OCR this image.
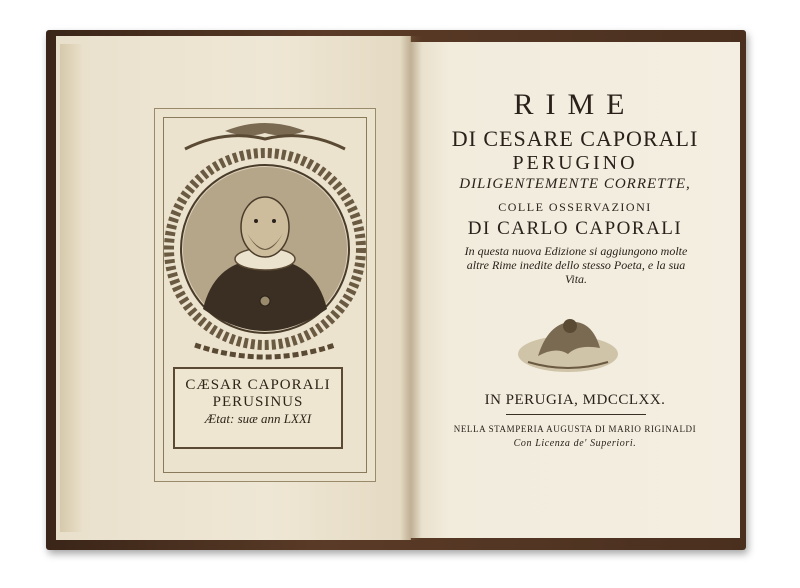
CÆSAR CAPORALI
PERUSINUS
Ætat: suæ ann LXXI
RIME
DI CESARE CAPORALI
PERUGINO
DILIGENTEMENTE CORRETTE,
COLLE OSSERVAZIONI
DI CARLO CAPORALI
In questa nuova Edizione si aggiungono molte altre Rime inedite dello stesso Poeta, e la sua Vita.
IN PERUGIA, MDCCLXX.
NELLA STAMPERIA AUGUSTA DI MARIO RIGINALDI
Con Licenza de' Superiori.
